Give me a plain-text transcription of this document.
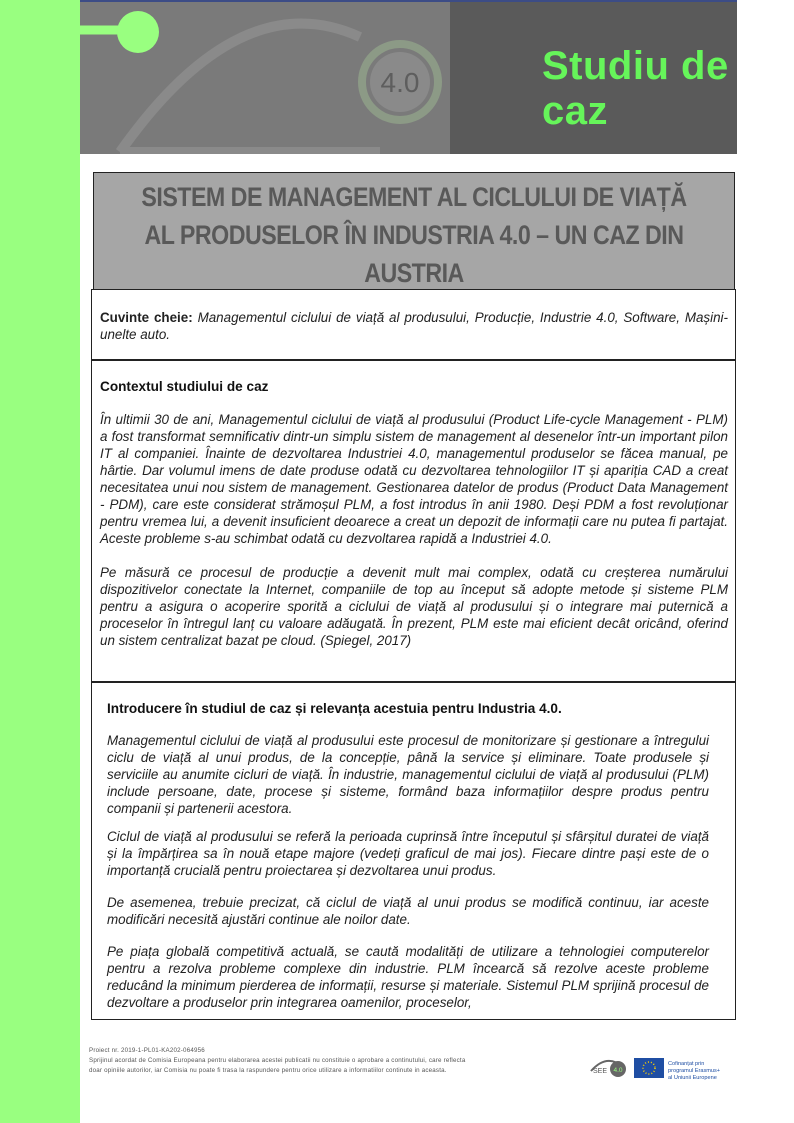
4.0	Studiu de caz
SISTEM DE MANAGEMENT AL CICLULUI DE VIAȚĂ AL PRODUSELOR ÎN INDUSTRIA 4.0 – UN CAZ DIN AUSTRIA

Cuvinte cheie: Managementul ciclului de viață al produsului, Producție, Industrie 4.0, Software, Mașini-unelte auto.

Contextul studiului de caz

În ultimii 30 de ani, Managementul ciclului de viață al produsului (Product Life-cycle Management - PLM) a fost transformat semnificativ dintr-un simplu sistem de management al desenelor într-un important pilon IT al companiei. Înainte de dezvoltarea Industriei 4.0, managementul produselor se făcea manual, pe hârtie. Dar volumul imens de date produse odată cu dezvoltarea tehnologiilor IT și apariția CAD a creat necesitatea unui nou sistem de management. Gestionarea datelor de produs (Product Data Management - PDM), care este considerat strămoșul PLM, a fost introdus în anii 1980. Deși PDM a fost revoluționar pentru vremea lui, a devenit insuficient deoarece a creat un depozit de informații care nu putea fi partajat. Aceste probleme s-au schimbat odată cu dezvoltarea rapidă a Industriei 4.0.

Pe măsură ce procesul de producție a devenit mult mai complex, odată cu creșterea numărului dispozitivelor conectate la Internet, companiile de top au început să adopte metode și sisteme PLM pentru a asigura o acoperire sporită a ciclului de viață al produsului și o integrare mai puternică a proceselor în întregul lanț cu valoare adăugată. În prezent, PLM este mai eficient decât oricând, oferind un sistem centralizat bazat pe cloud. (Spiegel, 2017)

Introducere în studiul de caz și relevanța acestuia pentru Industria 4.0.

Managementul ciclului de viață al produsului este procesul de monitorizare și gestionare a întregului ciclu de viață al unui produs, de la concepție, până la service și eliminare. Toate produsele și serviciile au anumite cicluri de viață. În industrie, managementul ciclului de viață al produsului (PLM) include persoane, date, procese și sisteme, formând baza informațiilor despre produs pentru companii și partenerii acestora.

Ciclul de viață al produsului se referă la perioada cuprinsă între începutul și sfârșitul duratei de viață și la împărțirea sa în nouă etape majore (vedeți graficul de mai jos). Fiecare dintre pași este de o importanță crucială pentru proiectarea și dezvoltarea unui produs.

De asemenea, trebuie precizat, că ciclul de viață al unui produs se modifică continuu, iar aceste modificări necesită ajustări continue ale noilor date.

Pe piața globală competitivă actuală, se caută modalități de utilizare a tehnologiei computerelor pentru a rezolva probleme complexe din industrie. PLM încearcă să rezolve aceste probleme reducând la minimum pierderea de informații, resurse și materiale. Sistemul PLM sprijină procesul de dezvoltare a produselor prin integrarea oamenilor, proceselor,

Proiect nr. 2019-1-PL01-KA202-064956
Sprijinul acordat de Comisia Europeana pentru elaborarea acestei publicatii nu constituie o aprobare a continutului, care reflecta
doar opiniile autorilor, iar Comisia nu poate fi trasa la raspundere pentru orice utilizare a informatiilor continute in aceasta.	SEE 4.0
Cofinanțat prin
programul Erasmus+
al Uniunii Europene
